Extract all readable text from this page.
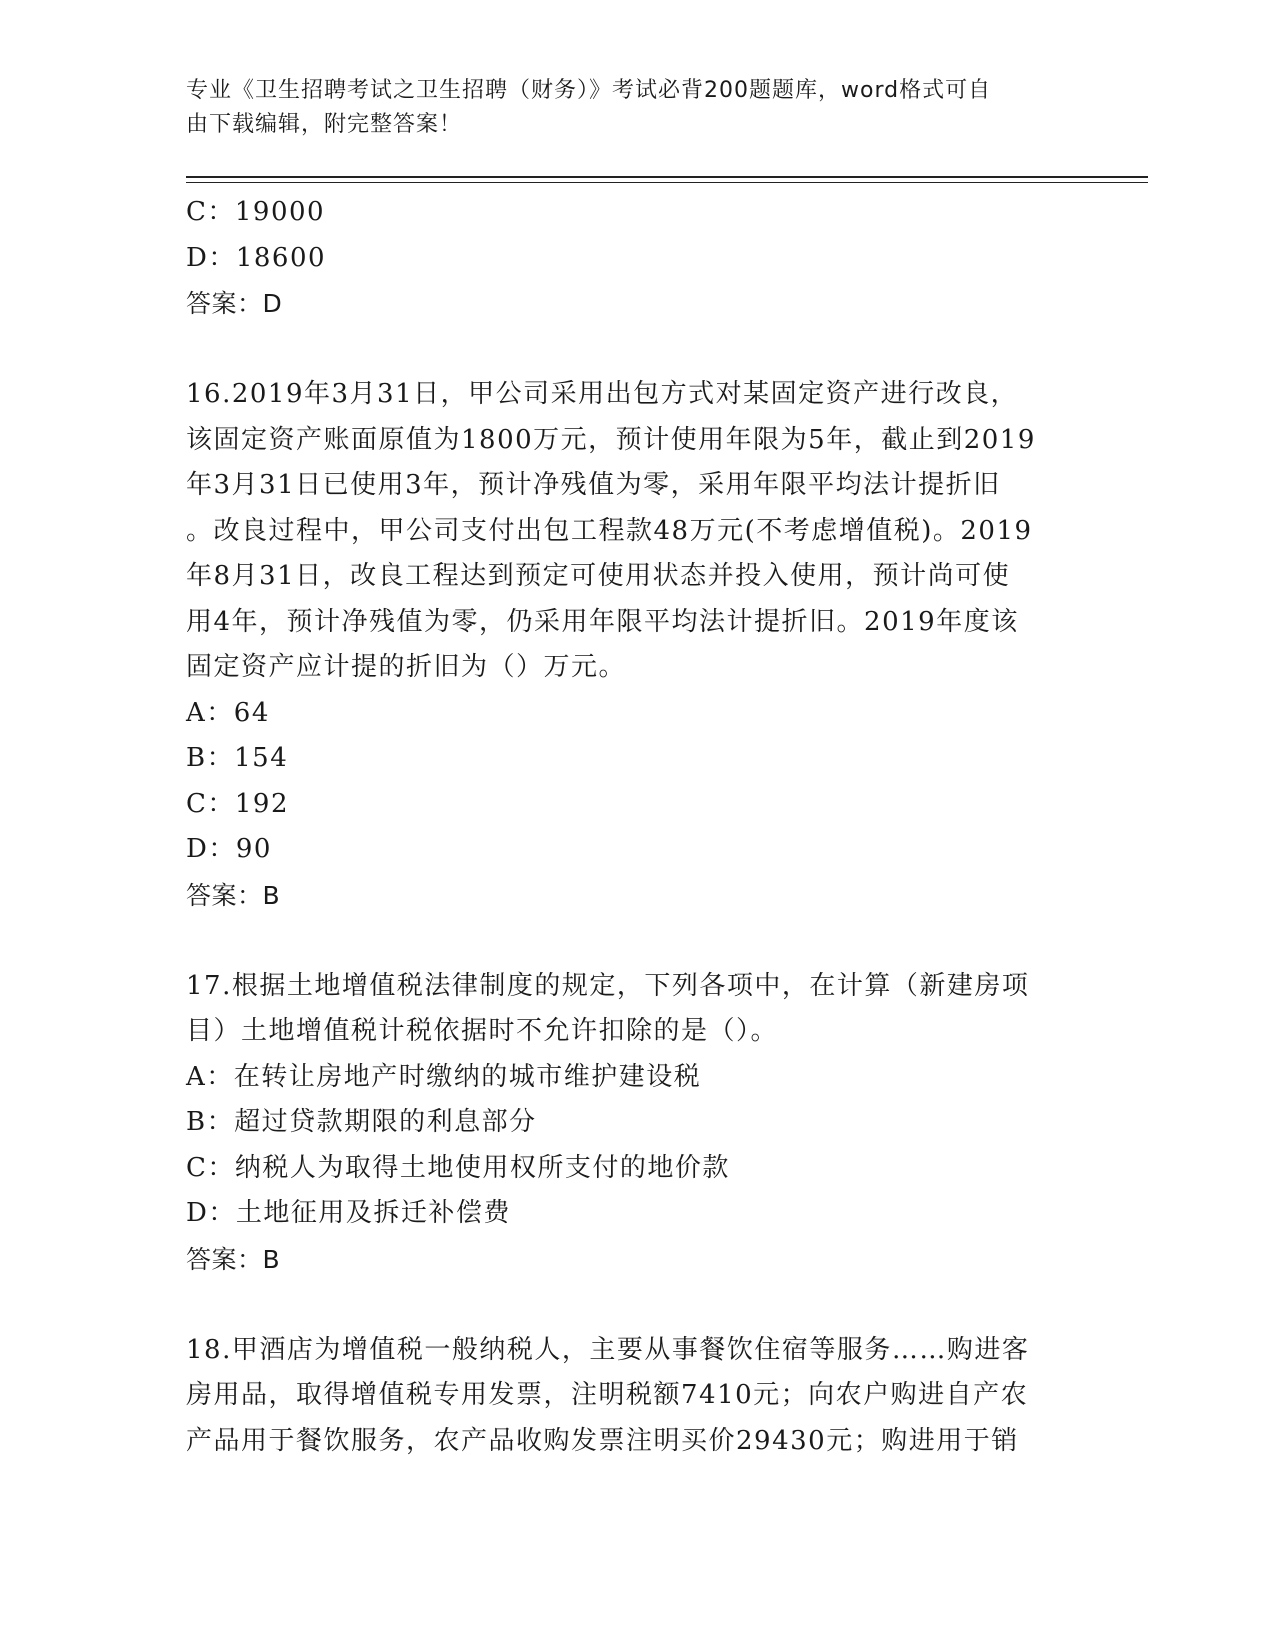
专业《卫生招聘考试之卫生招聘（财务）》考试必背200题题库，word格式可自
由下载编辑，附完整答案！
C：19000
D：18600
答案：D
16.2019年3月31日，甲公司采用出包方式对某固定资产进行改良，
该固定资产账面原值为1800万元，预计使用年限为5年，截止到2019
年3月31日已使用3年，预计净残值为零，采用年限平均法计提折旧
。改良过程中，甲公司支付出包工程款48万元(不考虑增值税)。2019
年8月31日，改良工程达到预定可使用状态并投入使用，预计尚可使
用4年，预计净残值为零，仍采用年限平均法计提折旧。2019年度该
固定资产应计提的折旧为（）万元。
A：64
B：154
C：192
D：90
答案：B
17.根据土地增值税法律制度的规定，下列各项中，在计算（新建房项
目）土地增值税计税依据时不允许扣除的是（）。
A：在转让房地产时缴纳的城市维护建设税
B：超过贷款期限的利息部分
C：纳税人为取得土地使用权所支付的地价款
D：土地征用及拆迁补偿费
答案：B
18.甲酒店为增值税一般纳税人，主要从事餐饮住宿等服务……购进客
房用品，取得增值税专用发票，注明税额7410元；向农户购进自产农
产品用于餐饮服务，农产品收购发票注明买价29430元；购进用于销
